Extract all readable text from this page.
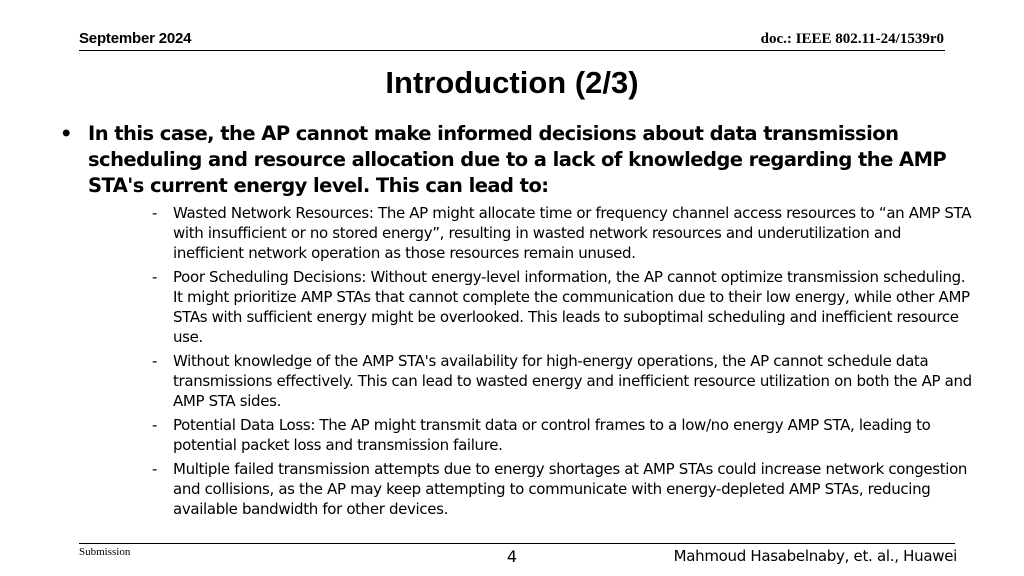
September 2024	doc.: IEEE 802.11-24/1539r0
Introduction (2/3)
• In this case, the AP cannot make informed decisions about data transmission scheduling and resource allocation due to a lack of knowledge regarding the AMP STA's current energy level. This can lead to:
- Wasted Network Resources: The AP might allocate time or frequency channel access resources to “an AMP STA with insufficient or no stored energy”, resulting in wasted network resources and underutilization and inefficient network operation as those resources remain unused.
- Poor Scheduling Decisions: Without energy-level information, the AP cannot optimize transmission scheduling. It might prioritize AMP STAs that cannot complete the communication due to their low energy, while other AMP STAs with sufficient energy might be overlooked. This leads to suboptimal scheduling and inefficient resource use.
- Without knowledge of the AMP STA's availability for high-energy operations, the AP cannot schedule data transmissions effectively. This can lead to wasted energy and inefficient resource utilization on both the AP and AMP STA sides.
- Potential Data Loss: The AP might transmit data or control frames to a low/no energy AMP STA, leading to potential packet loss and transmission failure.
- Multiple failed transmission attempts due to energy shortages at AMP STAs could increase network congestion and collisions, as the AP may keep attempting to communicate with energy-depleted AMP STAs, reducing available bandwidth for other devices.
Submission	4	Mahmoud Hasabelnaby, et. al., Huawei
